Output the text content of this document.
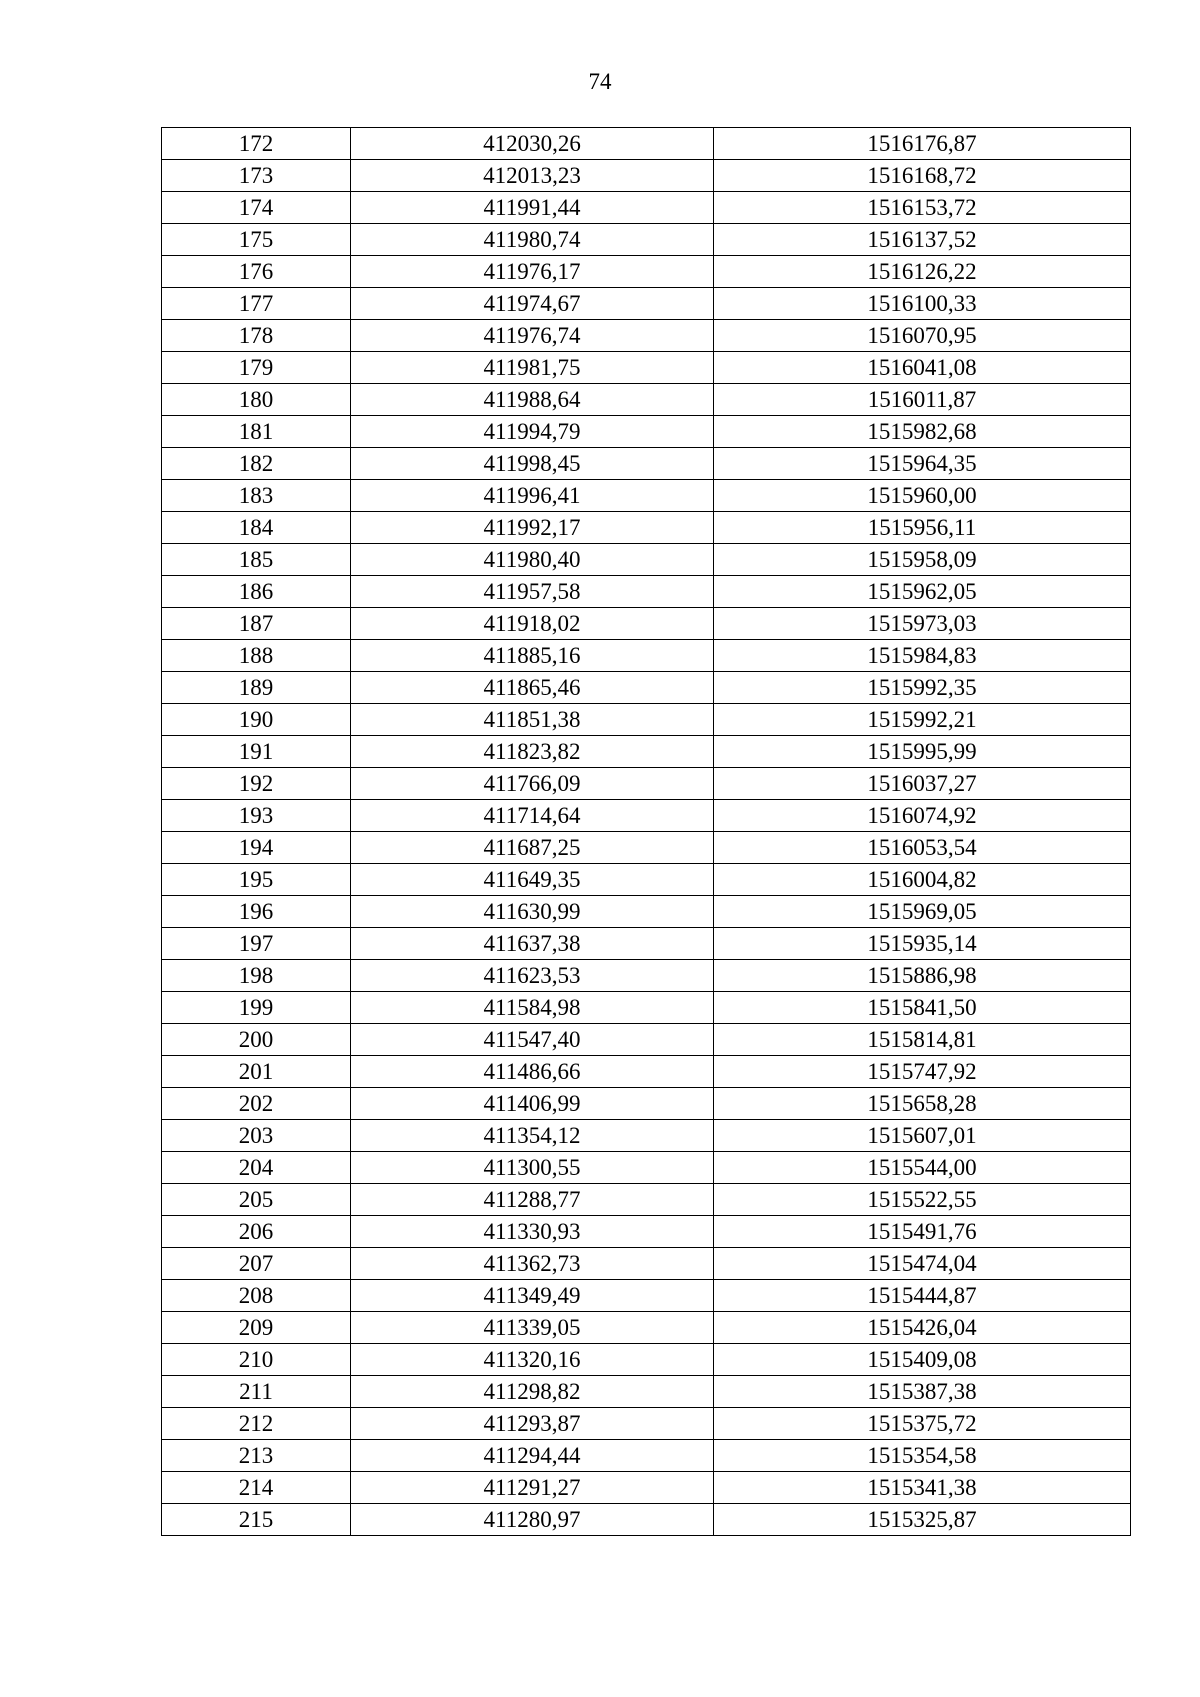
74
172	412030,26	1516176,87
173	412013,23	1516168,72
174	411991,44	1516153,72
175	411980,74	1516137,52
176	411976,17	1516126,22
177	411974,67	1516100,33
178	411976,74	1516070,95
179	411981,75	1516041,08
180	411988,64	1516011,87
181	411994,79	1515982,68
182	411998,45	1515964,35
183	411996,41	1515960,00
184	411992,17	1515956,11
185	411980,40	1515958,09
186	411957,58	1515962,05
187	411918,02	1515973,03
188	411885,16	1515984,83
189	411865,46	1515992,35
190	411851,38	1515992,21
191	411823,82	1515995,99
192	411766,09	1516037,27
193	411714,64	1516074,92
194	411687,25	1516053,54
195	411649,35	1516004,82
196	411630,99	1515969,05
197	411637,38	1515935,14
198	411623,53	1515886,98
199	411584,98	1515841,50
200	411547,40	1515814,81
201	411486,66	1515747,92
202	411406,99	1515658,28
203	411354,12	1515607,01
204	411300,55	1515544,00
205	411288,77	1515522,55
206	411330,93	1515491,76
207	411362,73	1515474,04
208	411349,49	1515444,87
209	411339,05	1515426,04
210	411320,16	1515409,08
211	411298,82	1515387,38
212	411293,87	1515375,72
213	411294,44	1515354,58
214	411291,27	1515341,38
215	411280,97	1515325,87
